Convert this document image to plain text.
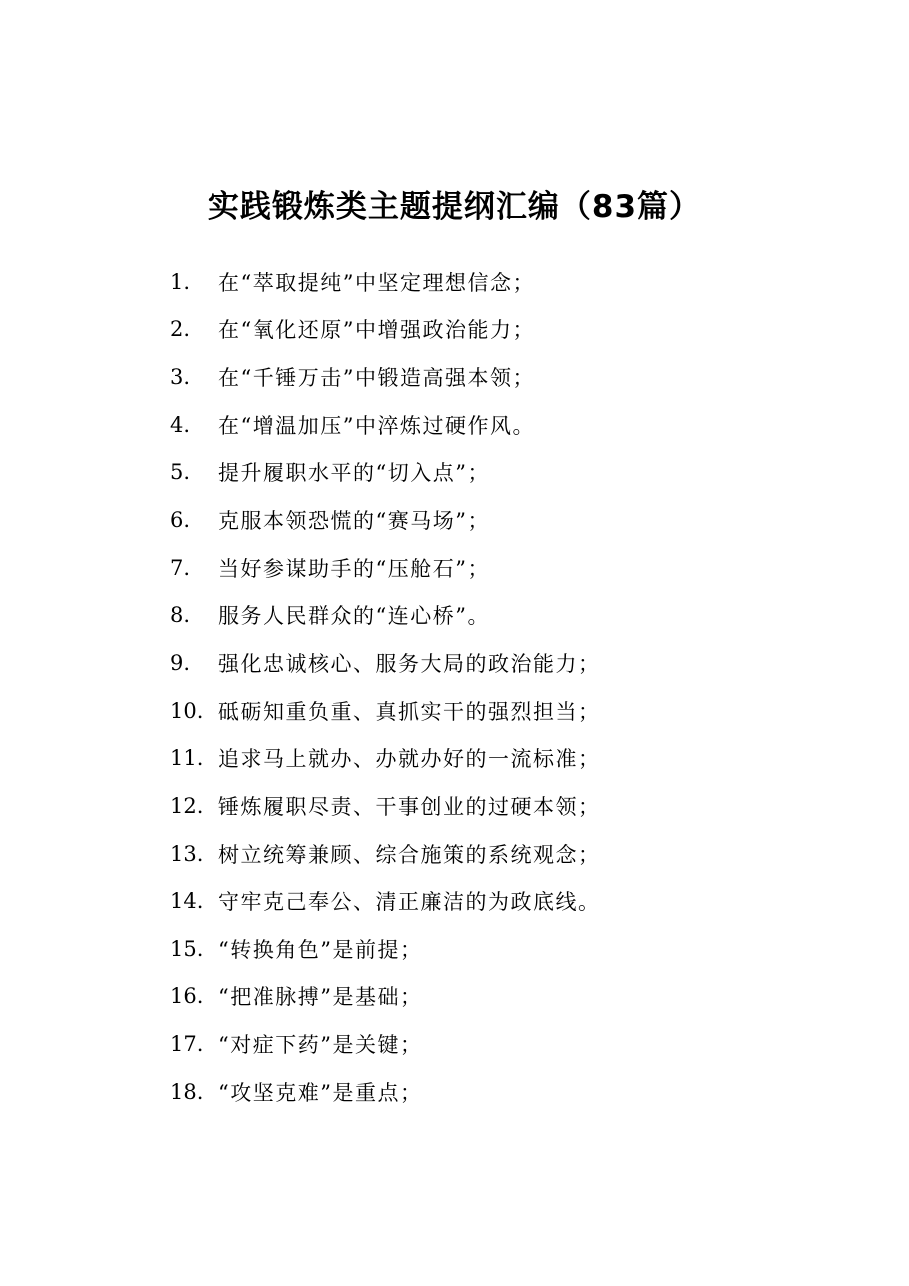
实践锻炼类主题提纲汇编（83篇）
1.	在“萃取提纯”中坚定理想信念；
2.	在“氧化还原”中增强政治能力；
3.	在“千锤万击”中锻造高强本领；
4.	在“增温加压”中淬炼过硬作风。
5.	提升履职水平的“切入点”；
6.	克服本领恐慌的“赛马场”；
7.	当好参谋助手的“压舱石”；
8.	服务人民群众的“连心桥”。
9.	强化忠诚核心、服务大局的政治能力；
10. 砥砺知重负重、真抓实干的强烈担当；
11. 追求马上就办、办就办好的一流标准；
12. 锤炼履职尽责、干事创业的过硬本领；
13. 树立统筹兼顾、综合施策的系统观念；
14. 守牢克己奉公、清正廉洁的为政底线。
15. “转换角色”是前提；
16. “把准脉搏”是基础；
17. “对症下药”是关键；
18. “攻坚克难”是重点；
